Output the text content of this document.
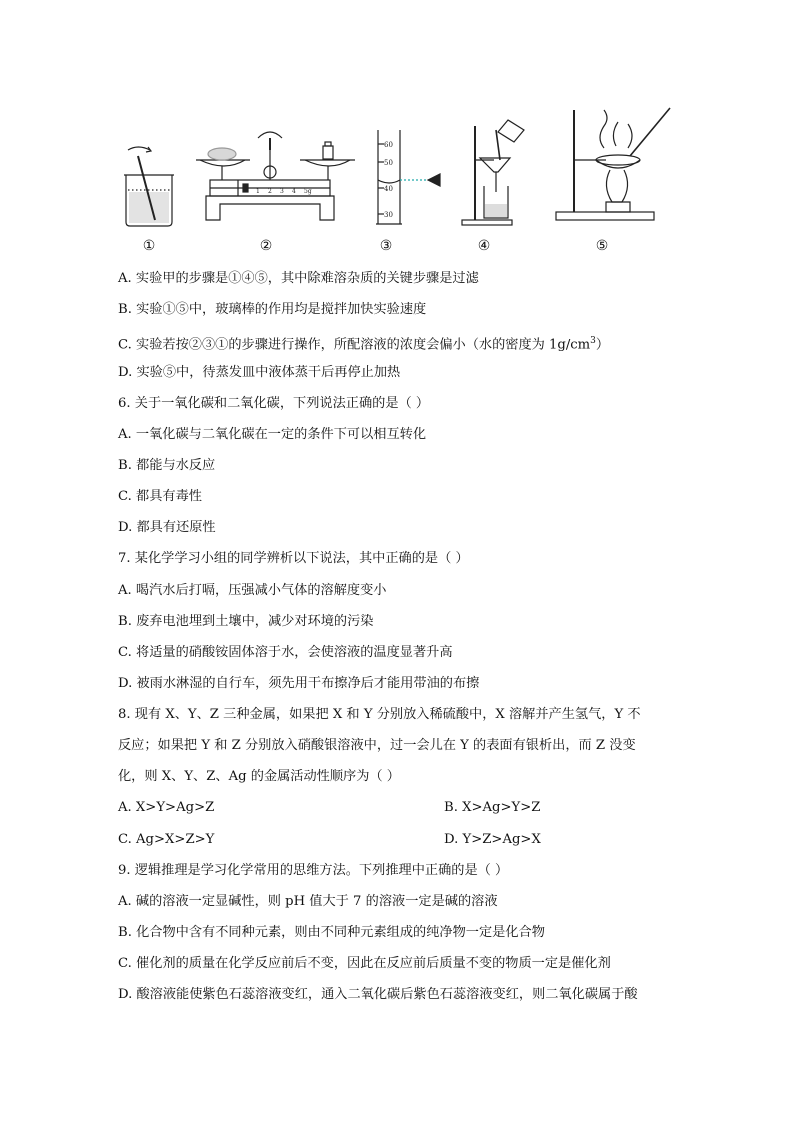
1 2 3 4 5g
60
50
40
30
①	②	③	④	⑤
A. 实验甲的步骤是①④⑤，其中除难溶杂质的关键步骤是过滤
B. 实验①⑤中，玻璃棒的作用均是搅拌加快实验速度
C. 实验若按②③①的步骤进行操作，所配溶液的浓度会偏小（水的密度为 $1g/cm^3$）
D. 实验⑤中，待蒸发皿中液体蒸干后再停止加热
6. 关于一氧化碳和二氧化碳，下列说法正确的是（ ）
A. 一氧化碳与二氧化碳在一定的条件下可以相互转化
B. 都能与水反应
C. 都具有毒性
D. 都具有还原性
7. 某化学学习小组的同学辨析以下说法，其中正确的是（ ）
A. 喝汽水后打嗝，压强减小气体的溶解度变小
B. 废弃电池埋到土壤中，减少对环境的污染
C. 将适量的硝酸铵固体溶于水，会使溶液的温度显著升高
D. 被雨水淋湿的自行车，须先用干布擦净后才能用带油的布擦
8. 现有 X、Y、Z 三种金属，如果把 X 和 Y 分别放入稀硫酸中，X 溶解并产生氢气，Y 不
反应；如果把 Y 和 Z 分别放入硝酸银溶液中，过一会儿在 Y 的表面有银析出，而 Z 没变
化，则 X、Y、Z、Ag 的金属活动性顺序为（ ）
A. X>Y>Ag>Z	B. X>Ag>Y>Z
C. Ag>X>Z>Y	D. Y>Z>Ag>X
9. 逻辑推理是学习化学常用的思维方法。下列推理中正确的是（ ）
A. 碱的溶液一定显碱性，则 pH 值大于 7 的溶液一定是碱的溶液
B. 化合物中含有不同种元素，则由不同种元素组成的纯净物一定是化合物
C. 催化剂的质量在化学反应前后不变，因此在反应前后质量不变的物质一定是催化剂
D. 酸溶液能使紫色石蕊溶液变红，通入二氧化碳后紫色石蕊溶液变红，则二氧化碳属于酸
